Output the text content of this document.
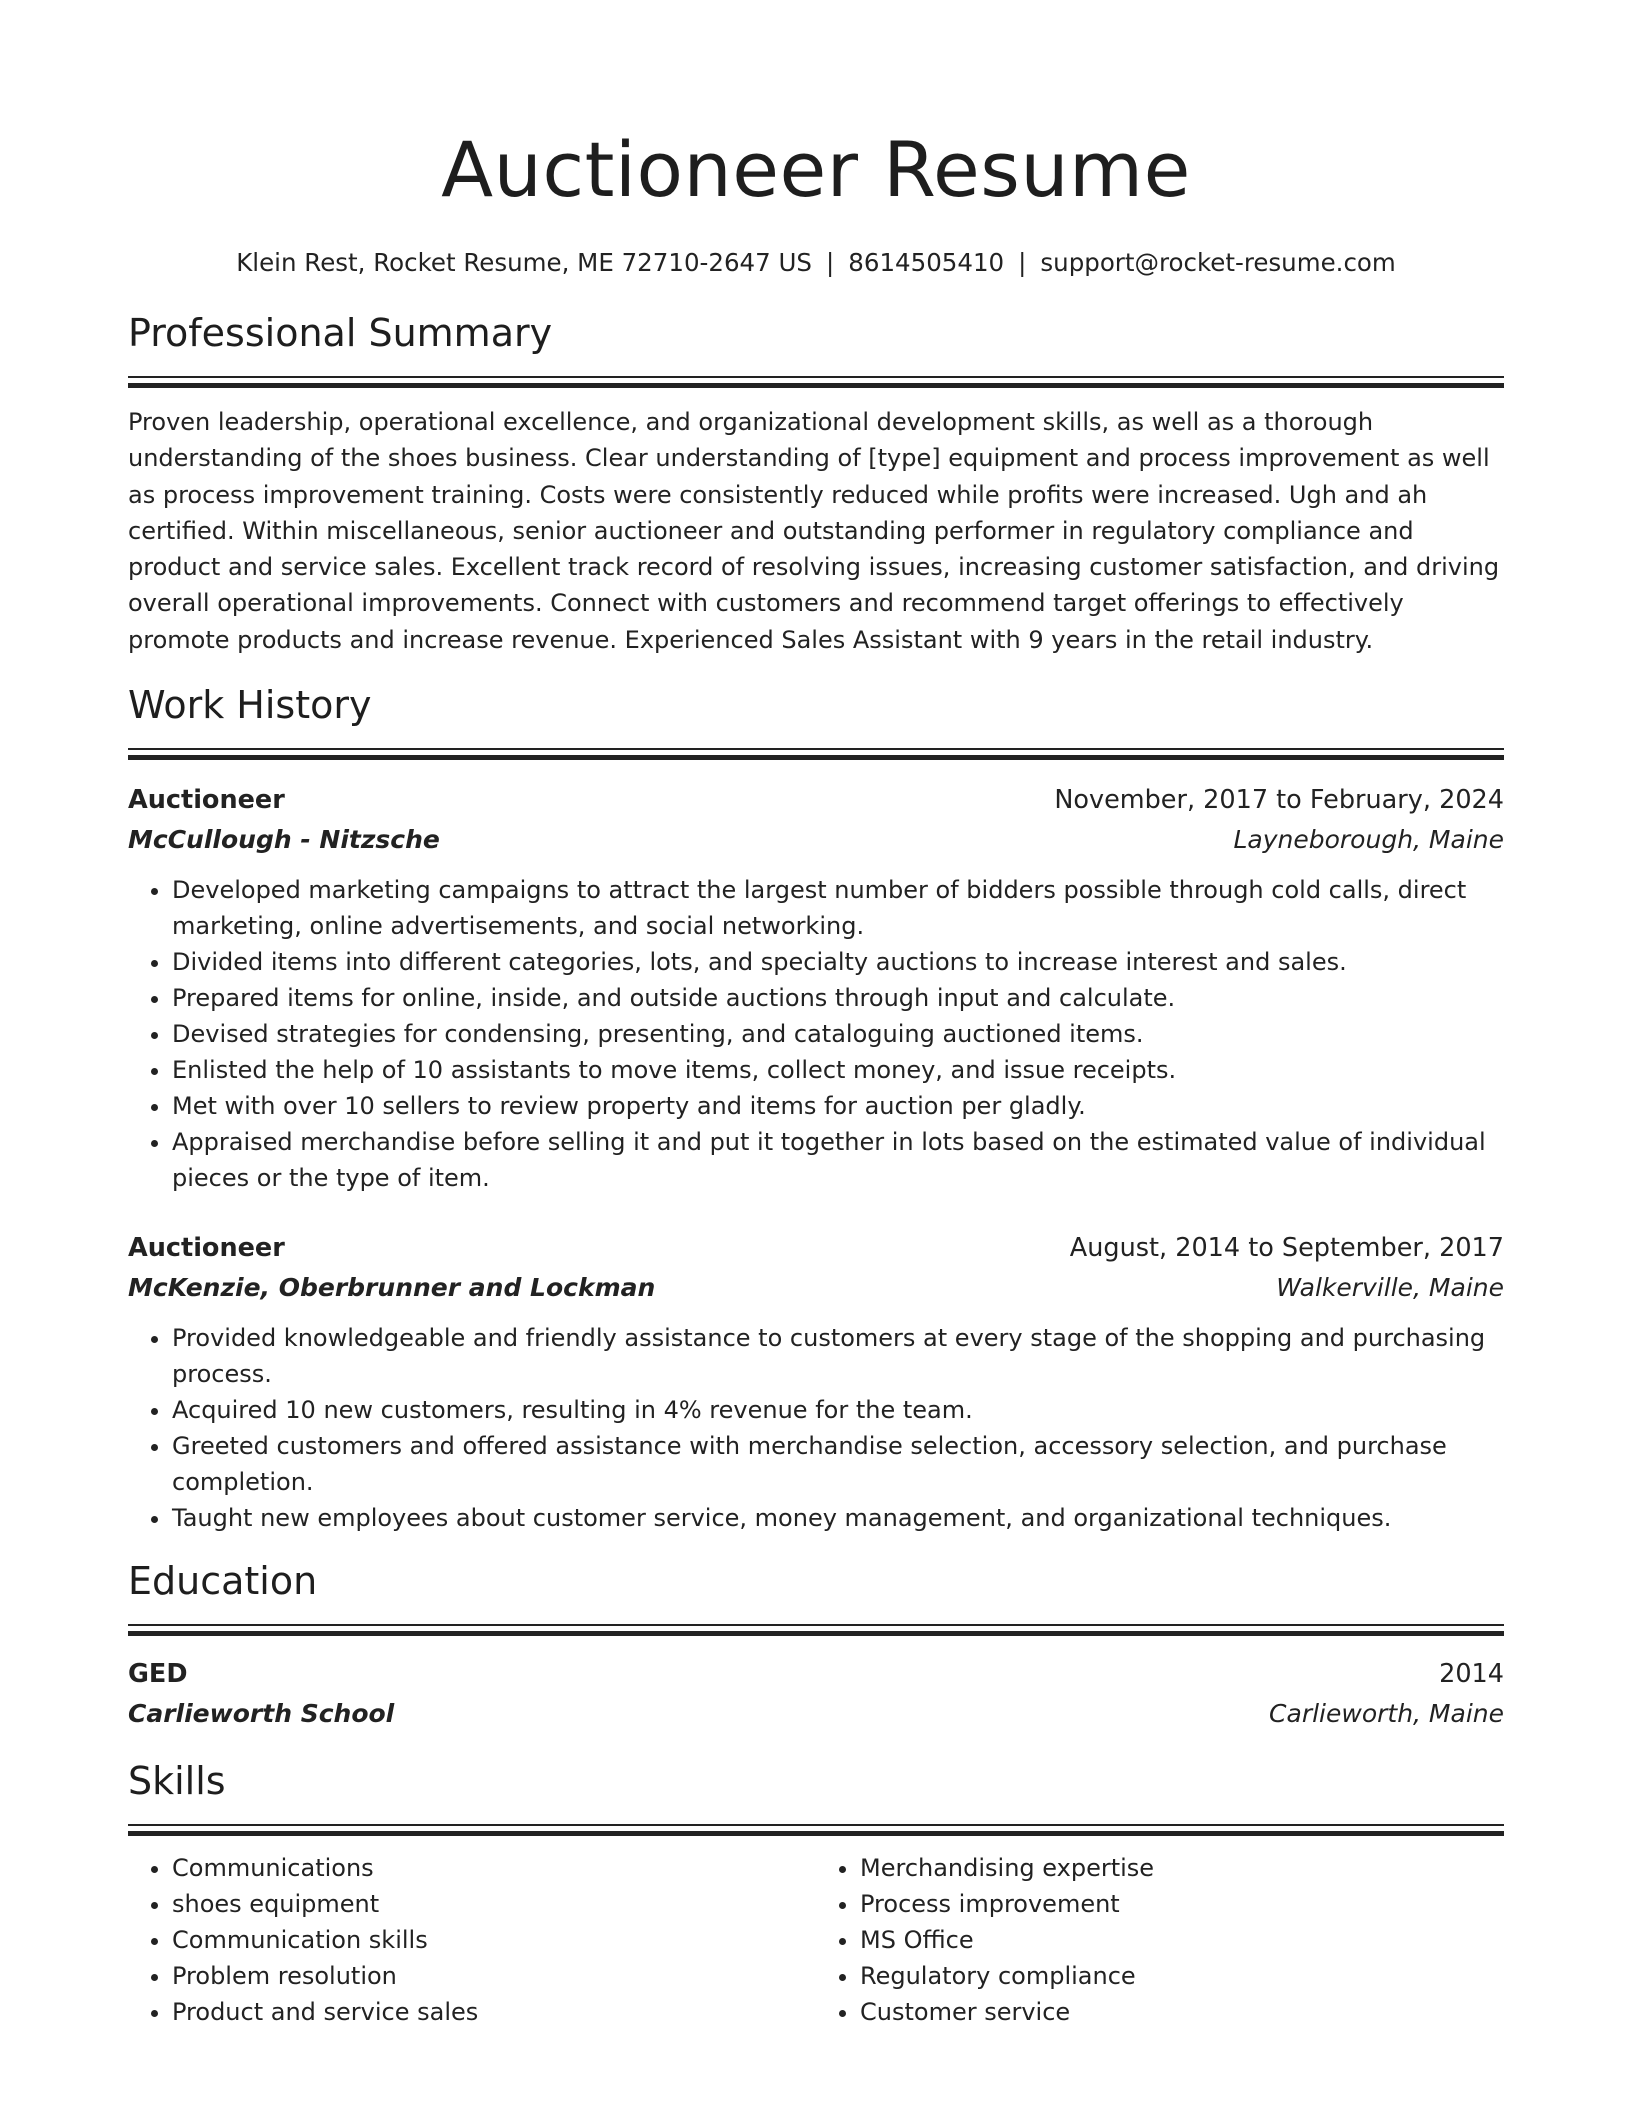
Auctioneer Resume
Klein Rest, Rocket Resume, ME 72710-2647 US | 8614505410 | support@rocket-resume.com
Professional Summary
Proven leadership, operational excellence, and organizational development skills, as well as a thorough understanding of the shoes business. Clear understanding of [type] equipment and process improvement as well as process improvement training. Costs were consistently reduced while profits were increased. Ugh and ah certified. Within miscellaneous, senior auctioneer and outstanding performer in regulatory compliance and product and service sales. Excellent track record of resolving issues, increasing customer satisfaction, and driving overall operational improvements. Connect with customers and recommend target offerings to effectively promote products and increase revenue. Experienced Sales Assistant with 9 years in the retail industry.
Work History
Auctioneer	November, 2017 to February, 2024
McCullough - Nitzsche	Layneborough, Maine
• Developed marketing campaigns to attract the largest number of bidders possible through cold calls, direct marketing, online advertisements, and social networking.
• Divided items into different categories, lots, and specialty auctions to increase interest and sales.
• Prepared items for online, inside, and outside auctions through input and calculate.
• Devised strategies for condensing, presenting, and cataloguing auctioned items.
• Enlisted the help of 10 assistants to move items, collect money, and issue receipts.
• Met with over 10 sellers to review property and items for auction per gladly.
• Appraised merchandise before selling it and put it together in lots based on the estimated value of individual pieces or the type of item.
Auctioneer	August, 2014 to September, 2017
McKenzie, Oberbrunner and Lockman	Walkerville, Maine
• Provided knowledgeable and friendly assistance to customers at every stage of the shopping and purchasing process.
• Acquired 10 new customers, resulting in 4% revenue for the team.
• Greeted customers and offered assistance with merchandise selection, accessory selection, and purchase completion.
• Taught new employees about customer service, money management, and organizational techniques.
Education
GED	2014
Carlieworth School	Carlieworth, Maine
Skills
• Communications
• shoes equipment
• Communication skills
• Problem resolution
• Product and service sales
• Merchandising expertise
• Process improvement
• MS Office
• Regulatory compliance
• Customer service
